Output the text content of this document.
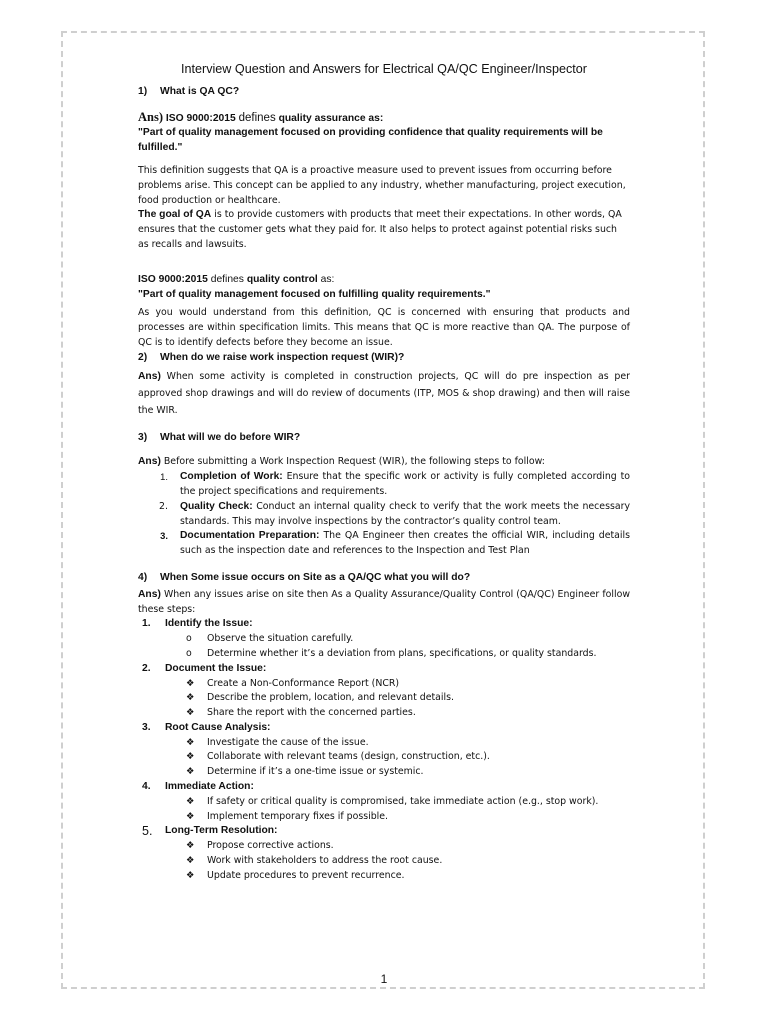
Interview Question and Answers for Electrical QA/QC Engineer/Inspector
1)	What is QA QC?

Ans) ISO 9000:2015 defines quality assurance as:

"Part of quality management focused on providing confidence that quality requirements will be fulfilled."

This definition suggests that QA is a proactive measure used to prevent issues from occurring before problems arise. This concept can be applied to any industry, whether manufacturing, project execution, food production or healthcare.

The goal of QA is to provide customers with products that meet their expectations. In other words, QA ensures that the customer gets what they paid for. It also helps to protect against potential risks such as recalls and lawsuits.

ISO 9000:2015 defines quality control as:

"Part of quality management focused on fulfilling quality requirements."

As you would understand from this definition, QC is concerned with ensuring that products and processes are within specification limits. This means that QC is more reactive than QA. The purpose of QC is to identify defects before they become an issue.

2)	When do we raise work inspection request (WIR)?

Ans) When some activity is completed in construction projects, QC will do pre inspection as per approved shop drawings and will do review of documents (ITP, MOS & shop drawing) and then will raise the WIR.

3)	What will we do before WIR?

Ans) Before submitting a Work Inspection Request (WIR), the following steps to follow:

1.	Completion of Work: Ensure that the specific work or activity is fully completed according to the project specifications and requirements.
2.	Quality Check: Conduct an internal quality check to verify that the work meets the necessary standards. This may involve inspections by the contractor’s quality control team.
3.	Documentation Preparation: The QA Engineer then creates the official WIR, including details such as the inspection date and references to the Inspection and Test Plan
4)	When Some issue occurs on Site as a QA/QC what you will do?

Ans) When any issues arise on site then As a Quality Assurance/Quality Control (QA/QC) Engineer follow these steps:

1.	Identify the Issue:
o	Observe the situation carefully.
o	Determine whether it’s a deviation from plans, specifications, or quality standards.
2.	Document the Issue:
❖	Create a Non-Conformance Report (NCR)
❖	Describe the problem, location, and relevant details.
❖	Share the report with the concerned parties.
3.	Root Cause Analysis:
❖	Investigate the cause of the issue.
❖	Collaborate with relevant teams (design, construction, etc.).
❖	Determine if it’s a one-time issue or systemic.
4.	Immediate Action:
❖	If safety or critical quality is compromised, take immediate action (e.g., stop work).
❖	Implement temporary fixes if possible.
5.	Long-Term Resolution:
❖	Propose corrective actions.
❖	Work with stakeholders to address the root cause.
❖	Update procedures to prevent recurrence.
1
